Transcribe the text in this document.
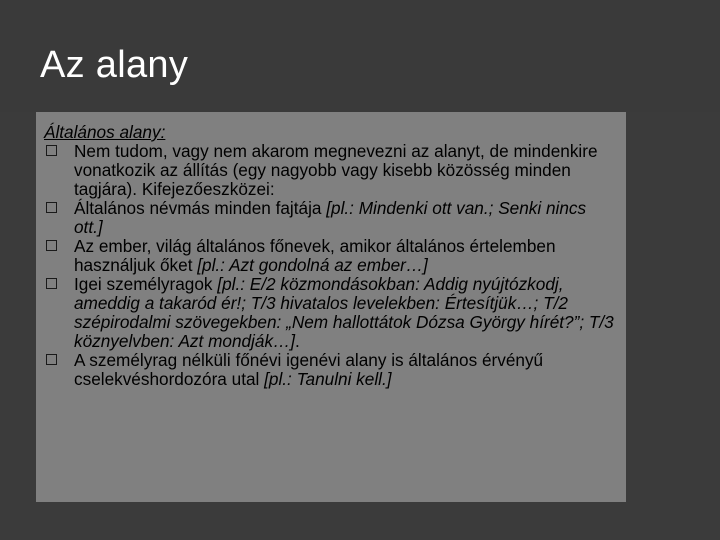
Az alany
Általános alany:
Nem tudom, vagy nem akarom megnevezni az alanyt, de mindenkire vonatkozik az állítás (egy nagyobb vagy kisebb közösség minden tagjára). Kifejezőeszközei:
Általános névmás minden fajtája [pl.: Mindenki ott van.; Senki nincs ott.]
Az ember, világ általános főnevek, amikor általános értelemben használjuk őket [pl.: Azt gondolná az ember…]
Igei személyragok [pl.: E/2 közmondásokban: Addig nyújtózkodj, ameddig a takaród ér!; T/3 hivatalos levelekben: Értesítjük…; T/2 szépirodalmi szövegekben: „Nem hallottátok Dózsa György hírét?”; T/3 köznyelvben: Azt mondják…].
A személyrag nélküli főnévi igenévi alany is általános érvényű cselekvéshordozóra utal [pl.: Tanulni kell.]
